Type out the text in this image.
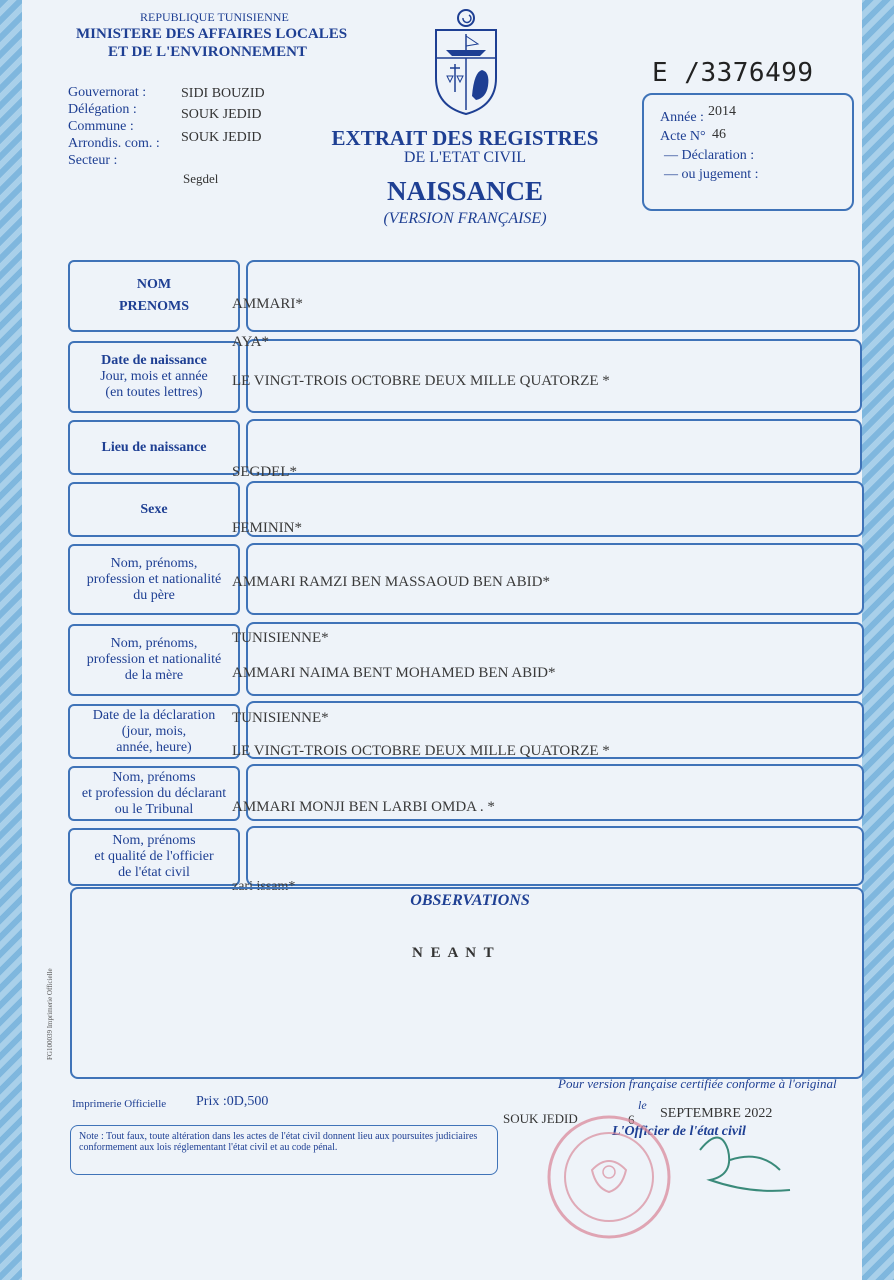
REPUBLIQUE TUNISIENNE
MINISTERE DES AFFAIRES LOCALES
ET DE L'ENVIRONNEMENT
E /3376499
Gouvernorat :
Délégation :
Commune :
Arrondis. com. :
Secteur :
SIDI BOUZID
SOUK JEDID
SOUK JEDID
Segdel
EXTRAIT DES REGISTRES
DE L'ETAT CIVIL
NAISSANCE
(VERSION FRANÇAISE)
Année : 2014
Acte N° 46
— Déclaration :
— ou jugement :
NOM
PRENOMS
Date de naissance
Jour, mois et année
(en toutes lettres)
Lieu de naissance
Sexe
Nom, prénoms,
profession et nationalité
du père
Nom, prénoms,
profession et nationalité
de la mère
Date de la déclaration
(jour, mois,
année, heure)
Nom, prénoms
et profession du déclarant
ou le Tribunal
Nom, prénoms
et qualité de l'officier
de l'état civil
AMMARI*
AYA*
LE VINGT-TROIS OCTOBRE DEUX MILLE QUATORZE *
SEGDEL*
FEMININ*
AMMARI RAMZI BEN MASSAOUD BEN ABID*
TUNISIENNE*
AMMARI NAIMA BENT MOHAMED BEN ABID*
TUNISIENNE*
LE VINGT-TROIS OCTOBRE DEUX MILLE QUATORZE *
AMMARI MONJI BEN LARBI OMDA . *
zari issam*
OBSERVATIONS
N E A N T
FG100039 Imprimerie Officielle
Imprimerie Officielle Prix :0D,500
Pour version française certifiée conforme à l'original
SOUK JEDID
le
6 SEPTEMBRE 2022
L'Officier de l'état civil
Note : Tout faux, toute altération dans les actes de l'état civil donnent lieu aux poursuites judiciaires conformement aux lois réglementant l'état civil et au code pénal.
